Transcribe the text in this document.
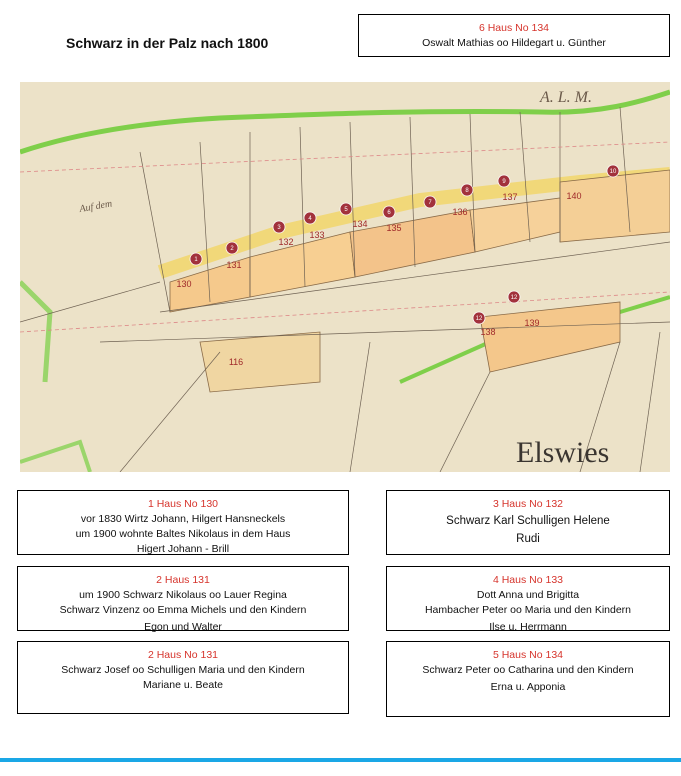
Schwarz in der Palz nach 1800
6 Haus No 134
Oswalt Mathias oo Hildegart u. Günther
Auf dem
A. L. M.
130
131
132
133
134 135
136
137	140
138
139
116
1
2
3
4
5	6
7
8
9
10
12
12
Elswies
1 Haus No 130
vor 1830 Wirtz Johann, Hilgert Hansneckels
um 1900 wohnte Baltes Nikolaus in dem Haus
Higert Johann - Brill
2 Haus 131
um 1900 Schwarz Nikolaus oo Lauer Regina
Schwarz Vinzenz oo Emma Michels und den Kindern
Egon und Walter
2 Haus No 131
Schwarz Josef oo Schulligen Maria und den Kindern
Mariane u. Beate
3 Haus No 132
Schwarz Karl Schulligen Helene
Rudi
4 Haus No 133
Dott Anna und Brigitta
Hambacher Peter oo Maria und den Kindern
Ilse u. Herrmann
5 Haus No 134
Schwarz Peter oo Catharina und den Kindern
Erna u. Apponia
